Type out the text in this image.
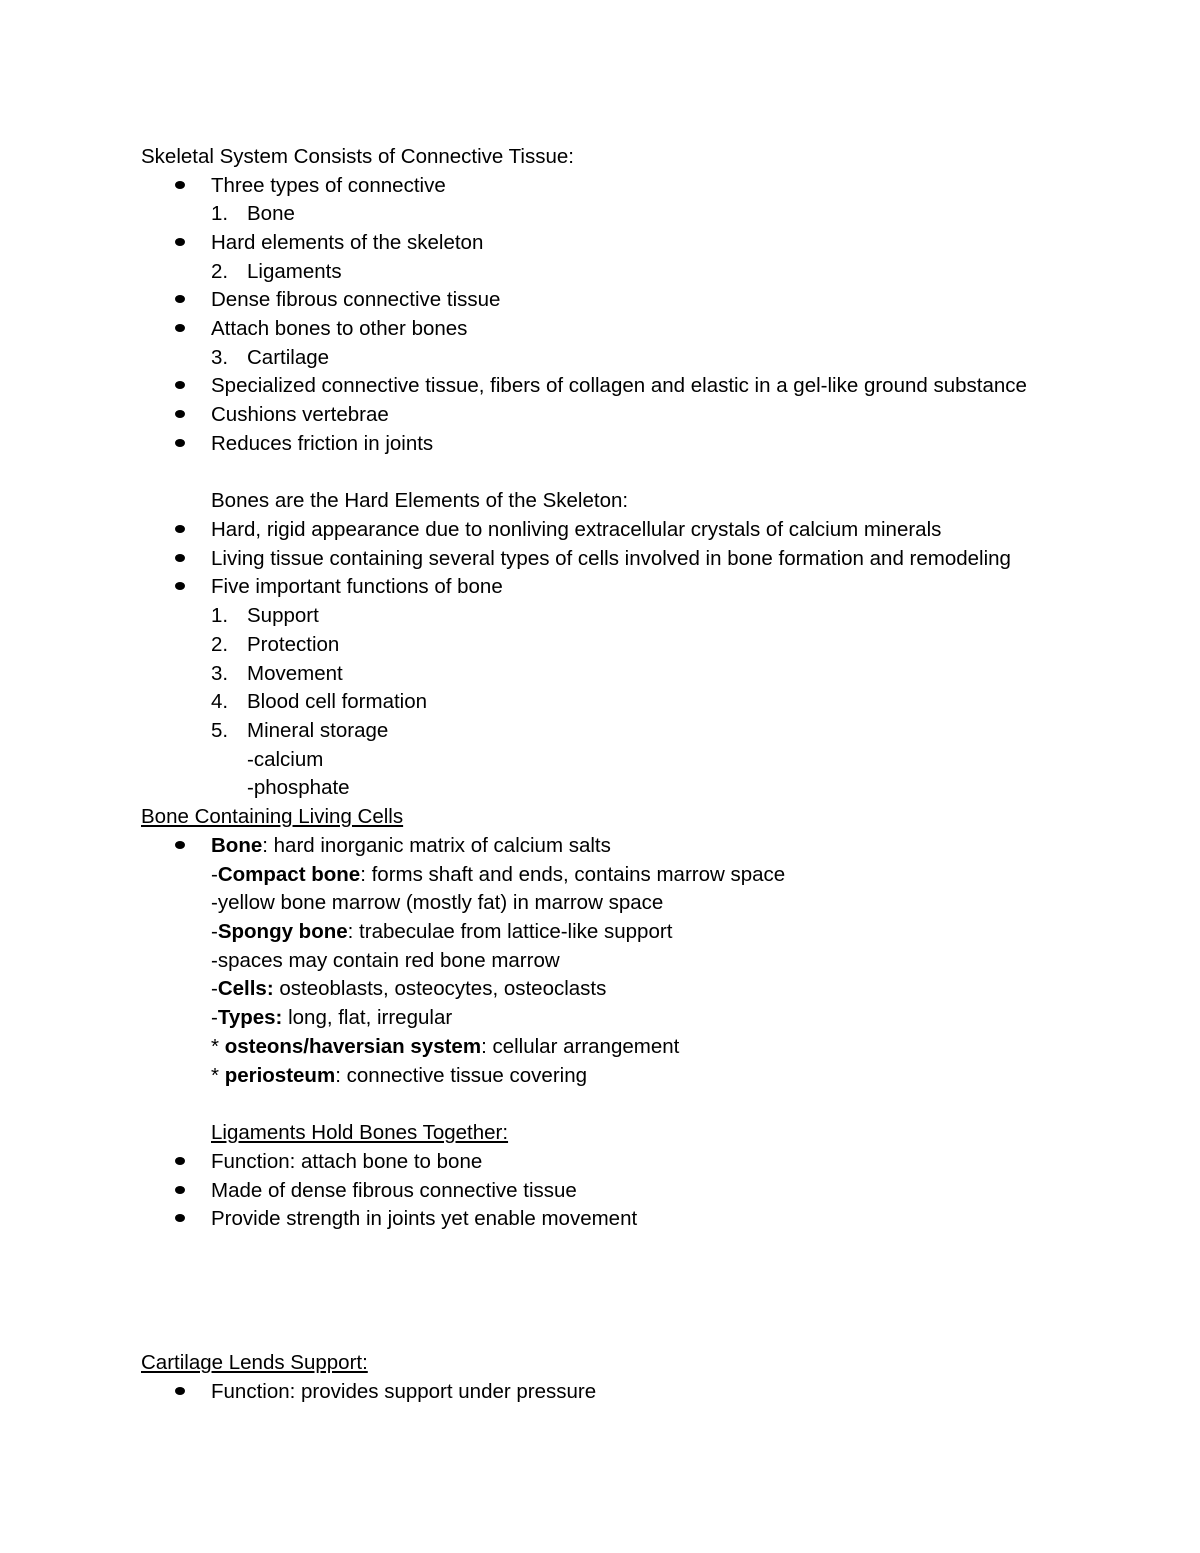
Skeletal System Consists of Connective Tissue:
Three types of connective
1. Bone
Hard elements of the skeleton
2. Ligaments
Dense fibrous connective tissue
Attach bones to other bones
3. Cartilage
Specialized connective tissue, fibers of collagen and elastic in a gel-like ground substance
Cushions vertebrae
Reduces friction in joints
Bones are the Hard Elements of the Skeleton:
Hard, rigid appearance due to nonliving extracellular crystals of calcium minerals
Living tissue containing several types of cells involved in bone formation and remodeling
Five important functions of bone
1. Support
2. Protection
3. Movement
4. Blood cell formation
5. Mineral storage
-calcium
-phosphate
Bone Containing Living Cells
Bone: hard inorganic matrix of calcium salts
-Compact bone: forms shaft and ends, contains marrow space
-yellow bone marrow (mostly fat) in marrow space
-Spongy bone: trabeculae from lattice-like support
-spaces may contain red bone marrow
-Cells: osteoblasts, osteocytes, osteoclasts
-Types: long, flat, irregular
* osteons/haversian system: cellular arrangement
* periosteum: connective tissue covering
Ligaments Hold Bones Together:
Function: attach bone to bone
Made of dense fibrous connective tissue
Provide strength in joints yet enable movement
Cartilage Lends Support:
Function: provides support under pressure
